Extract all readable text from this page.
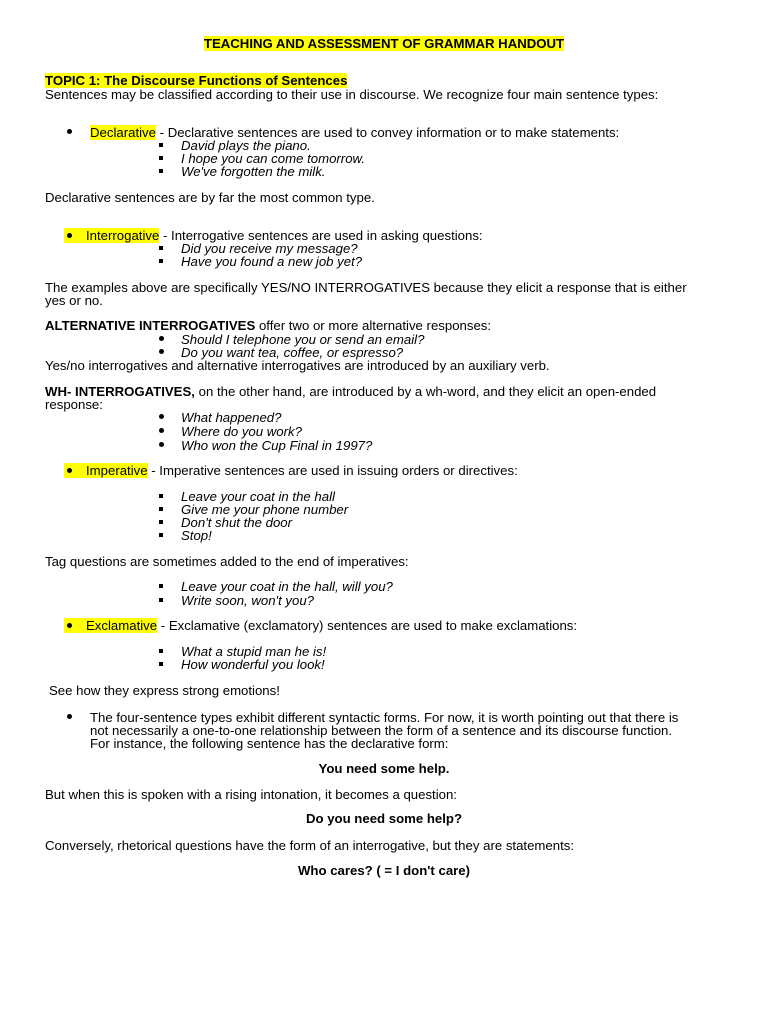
TEACHING AND ASSESSMENT OF GRAMMAR HANDOUT
TOPIC 1: The Discourse Functions of Sentences
Sentences may be classified according to their use in discourse. We recognize four main sentence types:
Declarative - Declarative sentences are used to convey information or to make statements:
David plays the piano.
I hope you can come tomorrow.
We've forgotten the milk.
Declarative sentences are by far the most common type.
Interrogative - Interrogative sentences are used in asking questions:
Did you receive my message?
Have you found a new job yet?
The examples above are specifically YES/NO INTERROGATIVES because they elicit a response that is either
yes or no.
ALTERNATIVE INTERROGATIVES offer two or more alternative responses:
Should I telephone you or send an email?
Do you want tea, coffee, or espresso?
Yes/no interrogatives and alternative interrogatives are introduced by an auxiliary verb.
WH- INTERROGATIVES, on the other hand, are introduced by a wh-word, and they elicit an open-ended
response:
What happened?
Where do you work?
Who won the Cup Final in 1997?
Imperative - Imperative sentences are used in issuing orders or directives:
Leave your coat in the hall
Give me your phone number
Don't shut the door
Stop!
Tag questions are sometimes added to the end of imperatives:
Leave your coat in the hall, will you?
Write soon, won't you?
Exclamative - Exclamative (exclamatory) sentences are used to make exclamations:
What a stupid man he is!
How wonderful you look!
See how they express strong emotions!
The four-sentence types exhibit different syntactic forms. For now, it is worth pointing out that there is
not necessarily a one-to-one relationship between the form of a sentence and its discourse function.
For instance, the following sentence has the declarative form:
You need some help.
But when this is spoken with a rising intonation, it becomes a question:
Do you need some help?
Conversely, rhetorical questions have the form of an interrogative, but they are statements:
Who cares? ( = I don't care)
